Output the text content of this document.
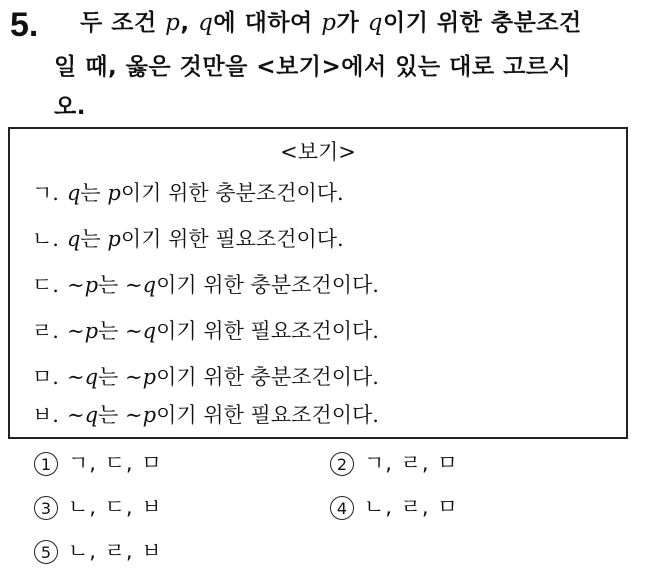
5. 두 조건 p, q에 대하여 p가 q이기 위한 충분조건
일 때, 옳은 것만을 <보기>에서 있는 대로 고르시
오.
<보기>
ㄱ. q는 p이기 위한 충분조건이다.
ㄴ. q는 p이기 위한 필요조건이다.
ㄷ. ∼p는 ∼q이기 위한 충분조건이다.
ㄹ. ∼p는 ∼q이기 위한 필요조건이다.
ㅁ. ∼q는 ∼p이기 위한 충분조건이다.
ㅂ. ∼q는 ∼p이기 위한 필요조건이다.
1 ㄱ, ㄷ, ㅁ	2 ㄱ, ㄹ, ㅁ
3 ㄴ, ㄷ, ㅂ	4 ㄴ, ㄹ, ㅁ
5 ㄴ, ㄹ, ㅂ
